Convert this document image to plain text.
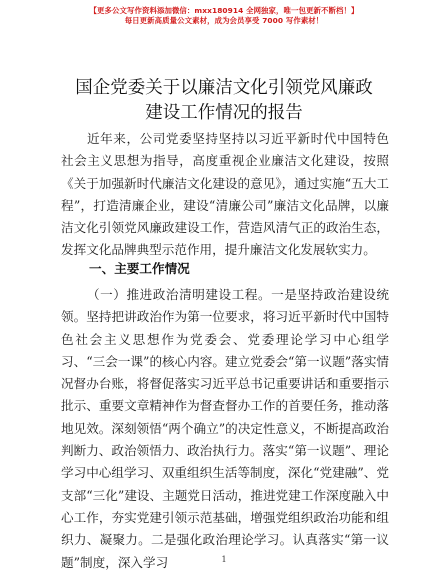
【更多公文写作资料添加微信：mxx180914 全网独家，唯一包更新不断档！】
每日更新高质量公文素材，成为会员享受 7000 写作素材！
国企党委关于以廉洁文化引领党风廉政建设工作情况的报告
近年来，公司党委坚持坚持以习近平新时代中国特色社会主义思想为指导，高度重视企业廉洁文化建设，按照《关于加强新时代廉洁文化建设的意见》，通过实施“五大工程”，打造清廉企业，建设“清廉公司”廉洁文化品牌，以廉洁文化引领党风廉政建设工作，营造风清气正的政治生态，发挥文化品牌典型示范作用，提升廉洁文化发展软实力。
一、主要工作情况
（一）推进政治清明建设工程。一是坚持政治建设统领。坚持把讲政治作为第一位要求，将习近平新时代中国特色社会主义思想作为党委会、党委理论学习中心组学习、“三会一课”的核心内容。建立党委会“第一议题”落实情况督办台账，将督促落实习近平总书记重要讲话和重要指示批示、重要文章精神作为督查督办工作的首要任务，推动落地见效。深刻领悟“两个确立”的决定性意义，不断提高政治判断力、政治领悟力、政治执行力。落实“第一议题”、理论学习中心组学习、双重组织生活等制度，深化“党建融”、党支部“三化”建设、主题党日活动，推进党建工作深度融入中心工作，夯实党建引领示范基础，增强党组织政治功能和组织力、凝聚力。二是强化政治理论学习。认真落实“第一议题”制度，深入学习	1
